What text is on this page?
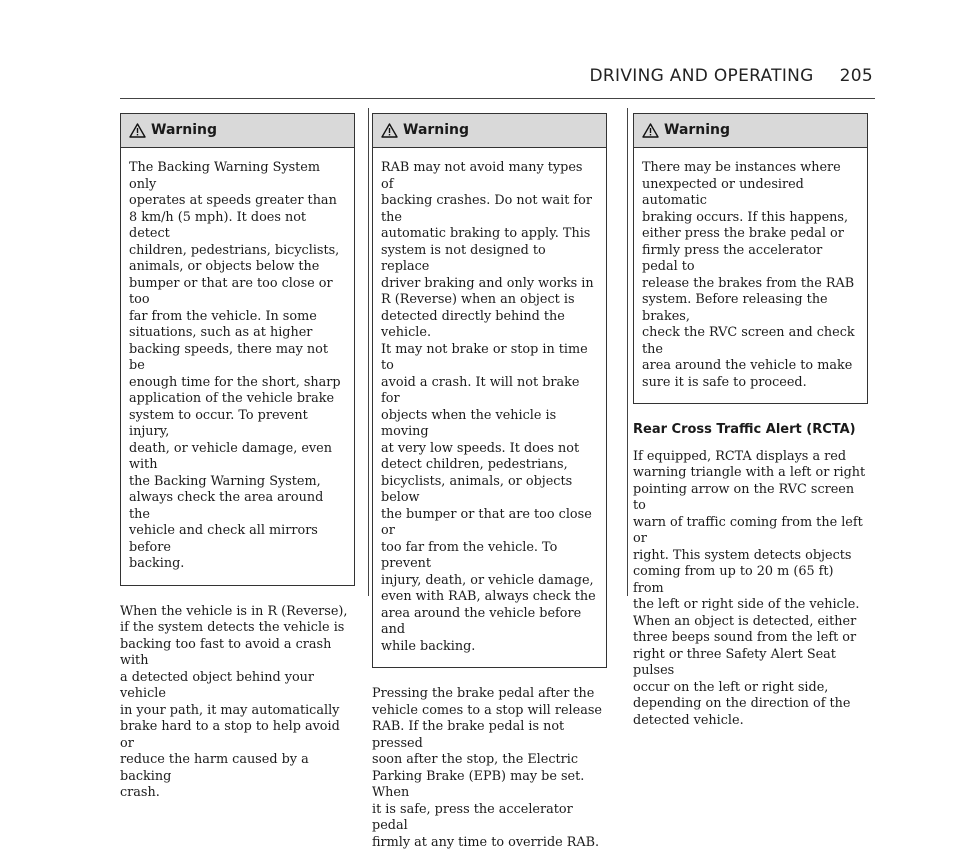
DRIVING AND OPERATING 205
Warning
The Backing Warning System only
operates at speeds greater than
8 km/h (5 mph). It does not detect
children, pedestrians, bicyclists,
animals, or objects below the
bumper or that are too close or too
far from the vehicle. In some
situations, such as at higher
backing speeds, there may not be
enough time for the short, sharp
application of the vehicle brake
system to occur. To prevent injury,
death, or vehicle damage, even with
the Backing Warning System,
always check the area around the
vehicle and check all mirrors before
backing.
When the vehicle is in R (Reverse),
if the system detects the vehicle is
backing too fast to avoid a crash with
a detected object behind your vehicle
in your path, it may automatically
brake hard to a stop to help avoid or
reduce the harm caused by a backing
crash.
Warning
RAB may not avoid many types of
backing crashes. Do not wait for the
automatic braking to apply. This
system is not designed to replace
driver braking and only works in
R (Reverse) when an object is
detected directly behind the vehicle.
It may not brake or stop in time to
avoid a crash. It will not brake for
objects when the vehicle is moving
at very low speeds. It does not
detect children, pedestrians,
bicyclists, animals, or objects below
the bumper or that are too close or
too far from the vehicle. To prevent
injury, death, or vehicle damage,
even with RAB, always check the
area around the vehicle before and
while backing.
Pressing the brake pedal after the
vehicle comes to a stop will release
RAB. If the brake pedal is not pressed
soon after the stop, the Electric
Parking Brake (EPB) may be set. When
it is safe, press the accelerator pedal
firmly at any time to override RAB.
Warning
There may be instances where
unexpected or undesired automatic
braking occurs. If this happens,
either press the brake pedal or
firmly press the accelerator pedal to
release the brakes from the RAB
system. Before releasing the brakes,
check the RVC screen and check the
area around the vehicle to make
sure it is safe to proceed.
Rear Cross Traffic Alert (RCTA)
If equipped, RCTA displays a red
warning triangle with a left or right
pointing arrow on the RVC screen to
warn of traffic coming from the left or
right. This system detects objects
coming from up to 20 m (65 ft) from
the left or right side of the vehicle.
When an object is detected, either
three beeps sound from the left or
right or three Safety Alert Seat pulses
occur on the left or right side,
depending on the direction of the
detected vehicle.
